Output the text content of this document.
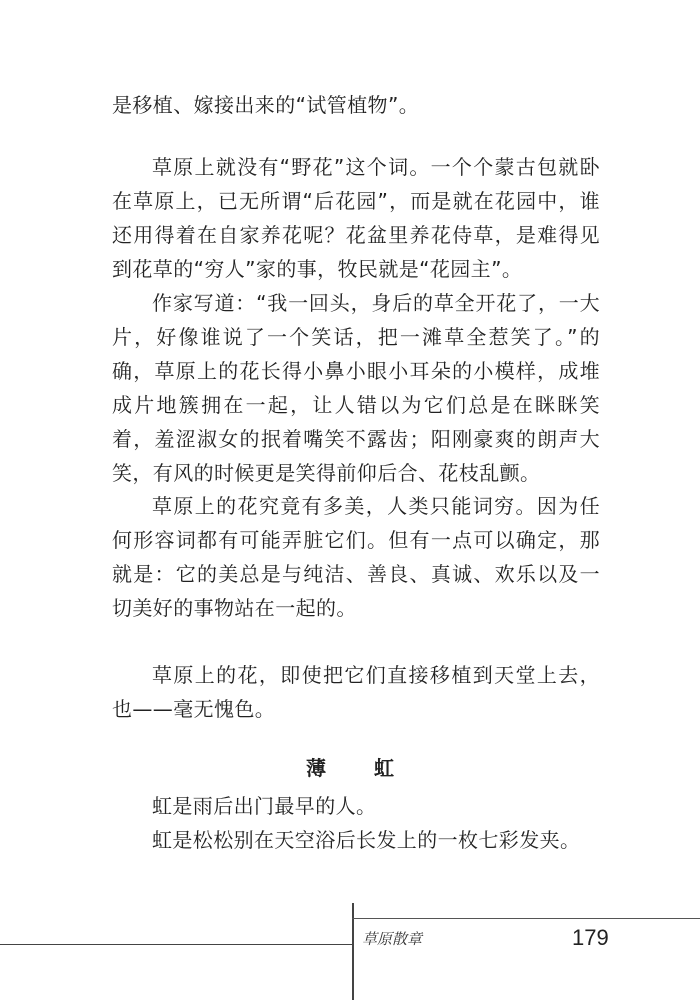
是移植、嫁接出来的“试管植物”。

草原上就没有“野花”这个词。一个个蒙古包就卧在草原上，已无所谓“后花园”，而是就在花园中，谁还用得着在自家养花呢？花盆里养花侍草，是难得见到花草的“穷人”家的事，牧民就是“花园主”。

作家写道：“我一回头，身后的草全开花了，一大片，好像谁说了一个笑话，把一滩草全惹笑了。”的确，草原上的花长得小鼻小眼小耳朵的小模样，成堆成片地簇拥在一起，让人错以为它们总是在眯眯笑着，羞涩淑女的抿着嘴笑不露齿；阳刚豪爽的朗声大笑，有风的时候更是笑得前仰后合、花枝乱颤。

草原上的花究竟有多美，人类只能词穷。因为任何形容词都有可能弄脏它们。但有一点可以确定，那就是：它的美总是与纯洁、善良、真诚、欢乐以及一切美好的事物站在一起的。

草原上的花，即使把它们直接移植到天堂上去，也——毫无愧色。

薄虹

虹是雨后出门最早的人。

虹是松松别在天空浴后长发上的一枚七彩发夹。

草原散章	179
